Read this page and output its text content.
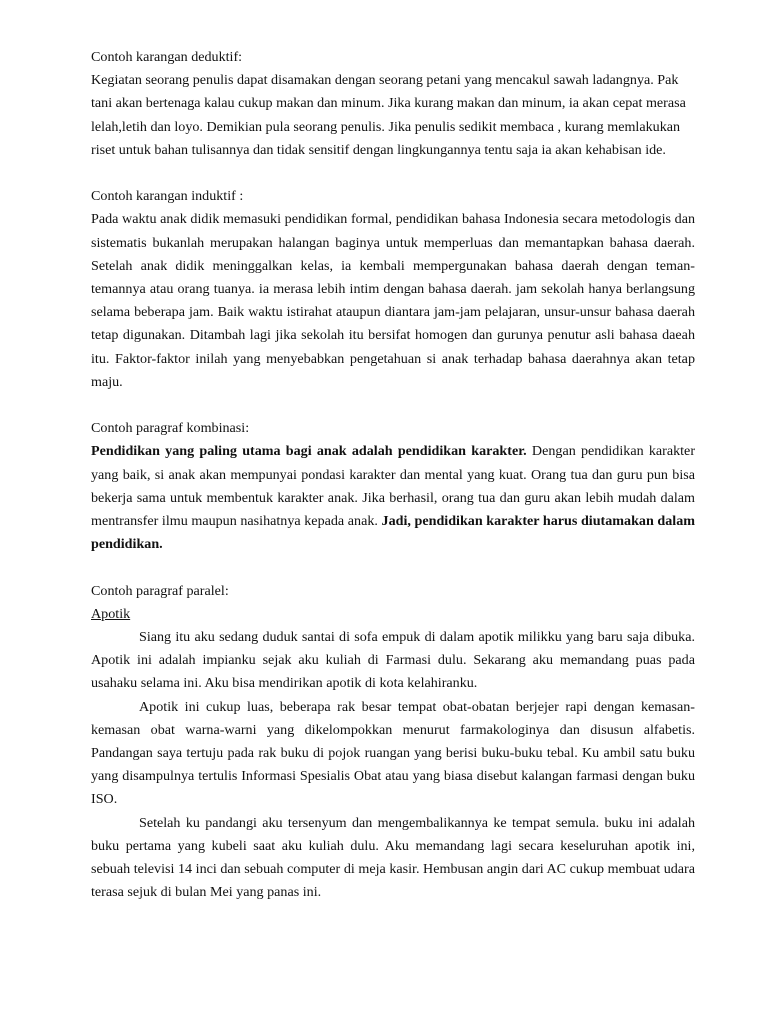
Contoh karangan deduktif:
Kegiatan seorang penulis dapat disamakan dengan seorang petani yang mencakul sawah ladangnya. Pak
tani akan bertenaga kalau cukup makan dan minum. Jika kurang makan dan minum, ia akan cepat merasa
lelah,letih dan loyo. Demikian pula seorang penulis. Jika penulis sedikit membaca , kurang memlakukan
riset untuk bahan tulisannya dan tidak sensitif dengan lingkungannya tentu saja ia akan kehabisan ide.
Contoh karangan induktif :

Pada waktu anak didik memasuki pendidikan formal, pendidikan bahasa Indonesia secara metodologis dan sistematis bukanlah merupakan halangan baginya untuk memperluas dan memantapkan bahasa daerah. Setelah anak didik meninggalkan kelas, ia kembali mempergunakan bahasa daerah dengan teman-temannya atau orang tuanya. ia merasa lebih intim dengan bahasa daerah. jam sekolah hanya berlangsung selama beberapa jam. Baik waktu istirahat ataupun diantara jam-jam pelajaran, unsur-unsur bahasa daerah tetap digunakan. Ditambah lagi jika sekolah itu bersifat homogen dan gurunya penutur asli bahasa daeah itu. Faktor-faktor inilah yang menyebabkan pengetahuan si anak terhadap bahasa daerahnya akan tetap maju.

Contoh paragraf kombinasi:

Pendidikan yang paling utama bagi anak adalah pendidikan karakter. Dengan pendidikan karakter yang baik, si anak akan mempunyai pondasi karakter dan mental yang kuat. Orang tua dan guru pun bisa bekerja sama untuk membentuk karakter anak. Jika berhasil, orang tua dan guru akan lebih mudah dalam mentransfer ilmu maupun nasihatnya kepada anak. Jadi, pendidikan karakter harus diutamakan dalam pendidikan.

Contoh paragraf paralel:
Apotik

Siang itu aku sedang duduk santai di sofa empuk di dalam apotik milikku yang baru saja dibuka. Apotik ini adalah impianku sejak aku kuliah di Farmasi dulu. Sekarang aku memandang puas pada usahaku selama ini. Aku bisa mendirikan apotik di kota kelahiranku.

Apotik ini cukup luas, beberapa rak besar tempat obat-obatan berjejer rapi dengan kemasan-kemasan obat warna-warni yang dikelompokkan menurut farmakologinya dan disusun alfabetis. Pandangan saya tertuju pada rak buku di pojok ruangan yang berisi buku-buku tebal. Ku ambil satu buku yang disampulnya tertulis Informasi Spesialis Obat atau yang biasa disebut kalangan farmasi dengan buku ISO.

Setelah ku pandangi aku tersenyum dan mengembalikannya ke tempat semula. buku ini adalah buku pertama yang kubeli saat aku kuliah dulu. Aku memandang lagi secara keseluruhan apotik ini, sebuah televisi 14 inci dan sebuah computer di meja kasir. Hembusan angin dari AC cukup membuat udara terasa sejuk di bulan Mei yang panas ini.
